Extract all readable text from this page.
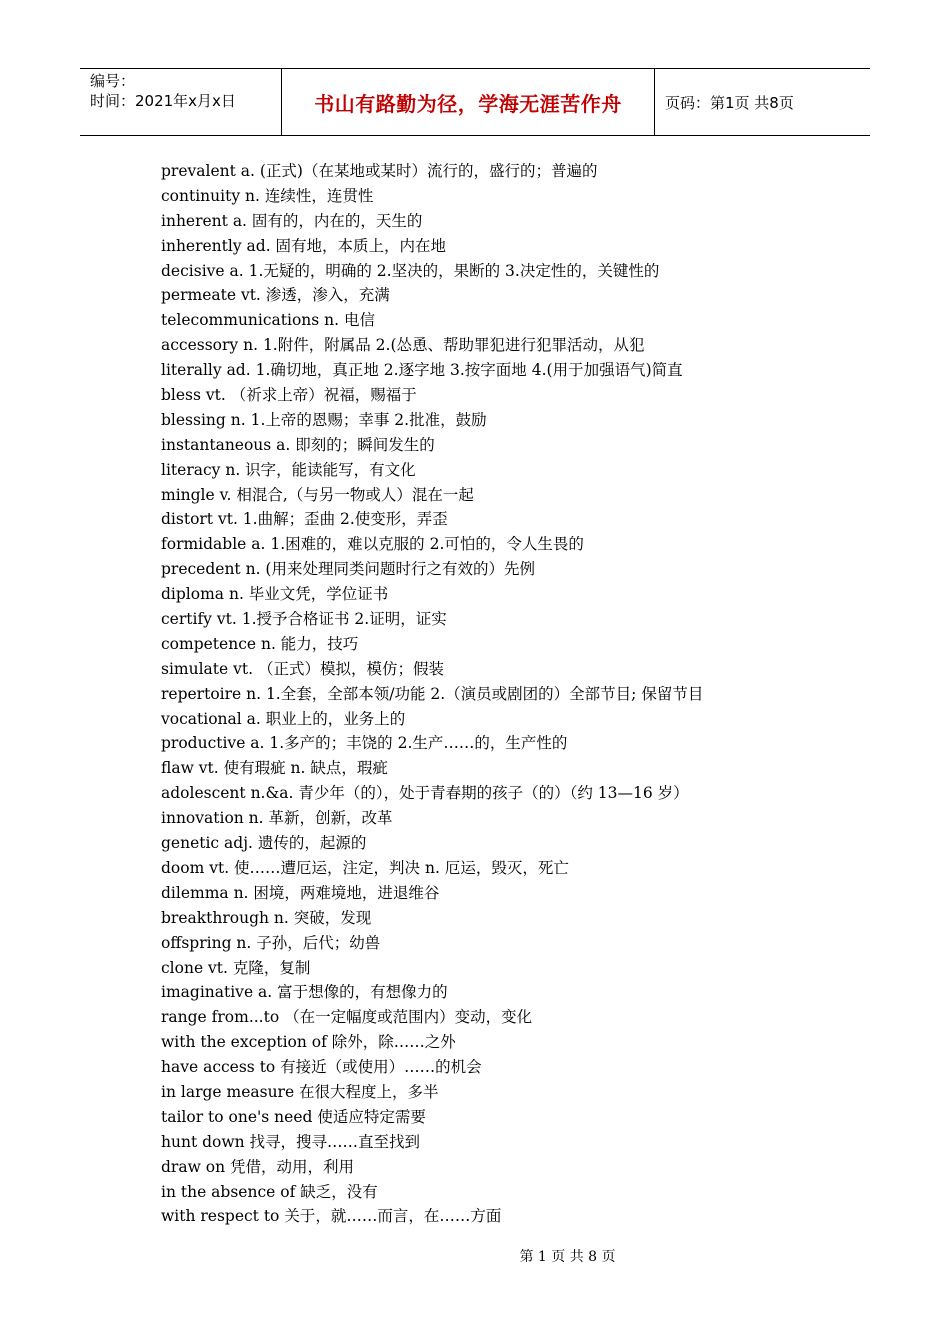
编号：
时间：2021年x月x日	书山有路勤为径，学海无涯苦作舟	页码：第1页 共8页
prevalent a. (正式)（在某地或某时）流行的，盛行的；普遍的
continuity n. 连续性，连贯性
inherent a. 固有的，内在的，天生的
inherently ad. 固有地，本质上，内在地
decisive a. 1.无疑的，明确的 2.坚决的，果断的 3.决定性的，关键性的
permeate vt. 渗透，渗入，充满
telecommunications n. 电信
accessory n. 1.附件，附属品 2.(怂恿、帮助罪犯进行犯罪活动，从犯
literally ad. 1.确切地，真正地 2.逐字地 3.按字面地 4.(用于加强语气)简直
bless vt. （祈求上帝）祝福，赐福于
blessing n. 1.上帝的恩赐；幸事 2.批准，鼓励
instantaneous a. 即刻的；瞬间发生的
literacy n. 识字，能读能写，有文化
mingle v. 相混合,（与另一物或人）混在一起
distort vt. 1.曲解；歪曲 2.使变形，弄歪
formidable a. 1.困难的，难以克服的 2.可怕的，令人生畏的
precedent n. (用来处理同类问题时行之有效的）先例
diploma n. 毕业文凭，学位证书
certify vt. 1.授予合格证书 2.证明，证实
competence n. 能力，技巧
simulate vt. （正式）模拟，模仿；假装
repertoire n. 1.全套，全部本领/功能 2.（演员或剧团的）全部节目; 保留节目
vocational a. 职业上的，业务上的
productive a. 1.多产的；丰饶的 2.生产……的，生产性的
flaw vt. 使有瑕疵 n. 缺点，瑕疵
adolescent n.&a. 青少年（的），处于青春期的孩子（的）（约 13—16 岁）
innovation n. 革新，创新，改革
genetic adj. 遗传的，起源的
doom vt. 使……遭厄运，注定，判决 n. 厄运，毁灭，死亡
dilemma n. 困境，两难境地，进退维谷
breakthrough n. 突破，发现
offspring n. 子孙，后代；幼兽
clone vt. 克隆，复制
imaginative a. 富于想像的，有想像力的
range from...to （在一定幅度或范围内）变动，变化
with the exception of 除外，除……之外
have access to 有接近（或使用）……的机会
in large measure 在很大程度上，多半
tailor to one's need 使适应特定需要
hunt down 找寻，搜寻……直至找到
draw on 凭借，动用，利用
in the absence of 缺乏，没有
with respect to 关于，就……而言，在……方面
第 1 页 共 8 页
